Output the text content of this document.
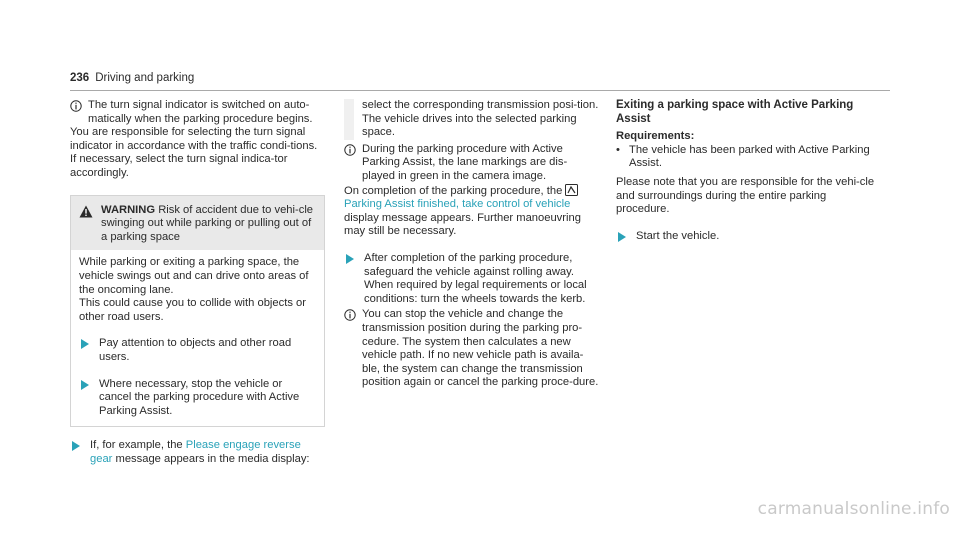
236 Driving and parking

The turn signal indicator is switched on auto-matically when the parking procedure begins.

You are responsible for selecting the turn signal indicator in accordance with the traffic condi-tions. If necessary, select the turn signal indica-tor accordingly.

WARNING Risk of accident due to vehi-cle swinging out while parking or pulling out of a parking space

While parking or exiting a parking space, the vehicle swings out and can drive onto areas of the oncoming lane.

This could cause you to collide with objects or other road users.

Pay attention to objects and other road users.

Where necessary, stop the vehicle or cancel the parking procedure with Active Parking Assist.

If, for example, the Please engage reverse gear message appears in the media display:

select the corresponding transmission posi-tion.

The vehicle drives into the selected parking space.

During the parking procedure with Active Parking Assist, the lane markings are dis-played in green in the camera image.

On completion of the parking procedure, the Parking Assist finished, take control of vehicle display message appears. Further manoeuvring may still be necessary.

After completion of the parking procedure, safeguard the vehicle against rolling away. When required by legal requirements or local conditions: turn the wheels towards the kerb.

You can stop the vehicle and change the transmission position during the parking pro-cedure. The system then calculates a new vehicle path. If no new vehicle path is availa-ble, the system can change the transmission position again or cancel the parking proce-dure.

Exiting a parking space with Active Parking Assist

Requirements:

• The vehicle has been parked with Active Parking Assist.

Please note that you are responsible for the vehi-cle and surroundings during the entire parking procedure.

Start the vehicle.

carmanualsonline.info
